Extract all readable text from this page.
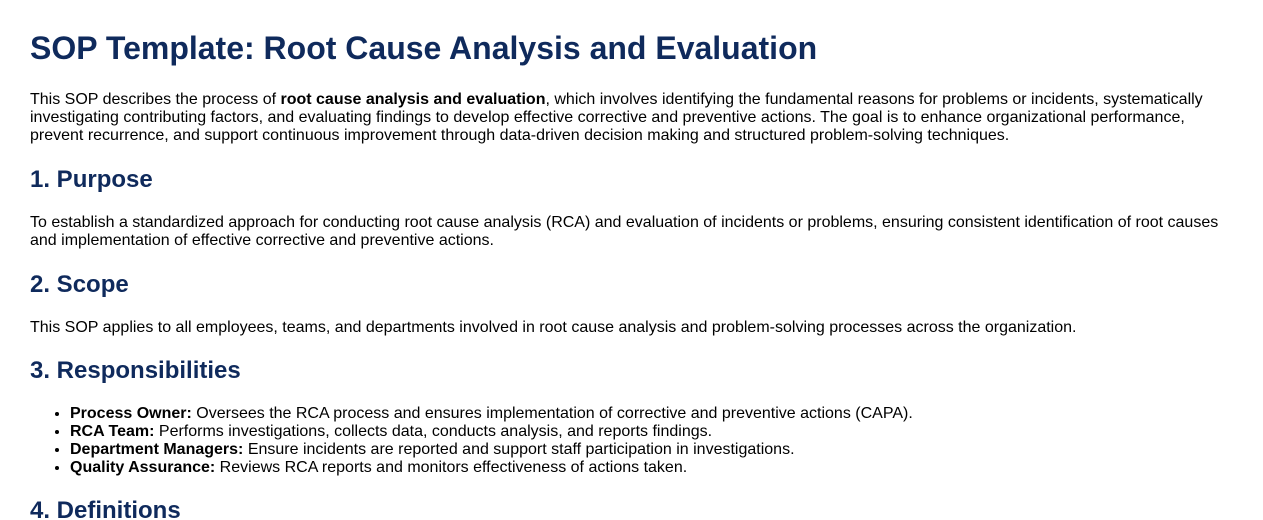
SOP Template: Root Cause Analysis and Evaluation

This SOP describes the process of root cause analysis and evaluation, which involves identifying the fundamental reasons for problems or incidents, systematically investigating contributing factors, and evaluating findings to develop effective corrective and preventive actions. The goal is to enhance organizational performance, prevent recurrence, and support continuous improvement through data-driven decision making and structured problem-solving techniques.

1. Purpose

To establish a standardized approach for conducting root cause analysis (RCA) and evaluation of incidents or problems, ensuring consistent identification of root causes and implementation of effective corrective and preventive actions.

2. Scope

This SOP applies to all employees, teams, and departments involved in root cause analysis and problem-solving processes across the organization.

3. Responsibilities
• Process Owner: Oversees the RCA process and ensures implementation of corrective and preventive actions (CAPA).
• RCA Team: Performs investigations, collects data, conducts analysis, and reports findings.
• Department Managers: Ensure incidents are reported and support staff participation in investigations.
• Quality Assurance: Reviews RCA reports and monitors effectiveness of actions taken.
4. Definitions
